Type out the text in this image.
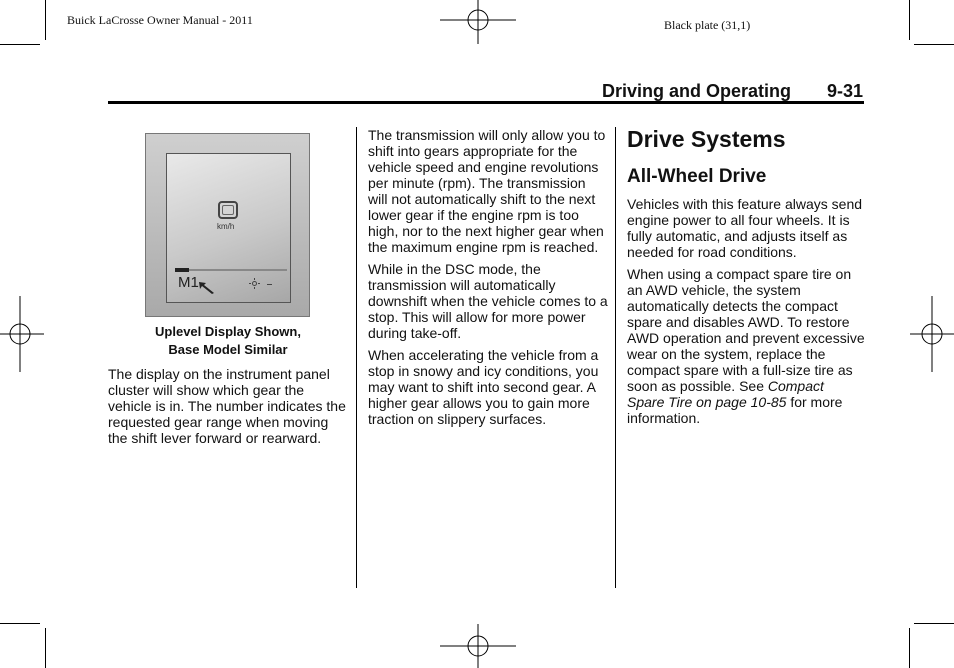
Buick LaCrosse Owner Manual - 2011	Black plate (31,1)
Driving and Operating 9-31
km/h
M1
Uplevel Display Shown,
Base Model Similar

The display on the instrument panel cluster will show which gear the vehicle is in. The number indicates the requested gear range when moving the shift lever forward or rearward.

The transmission will only allow you to shift into gears appropriate for the vehicle speed and engine revolutions per minute (rpm). The transmission will not automatically shift to the next lower gear if the engine rpm is too high, nor to the next higher gear when the maximum engine rpm is reached.

While in the DSC mode, the transmission will automatically downshift when the vehicle comes to a stop. This will allow for more power during take-off.

When accelerating the vehicle from a stop in snowy and icy conditions, you may want to shift into second gear. A higher gear allows you to gain more traction on slippery surfaces.

Drive Systems
All-Wheel Drive

Vehicles with this feature always send engine power to all four wheels. It is fully automatic, and adjusts itself as needed for road conditions.

When using a compact spare tire on an AWD vehicle, the system automatically detects the compact spare and disables AWD. To restore AWD operation and prevent excessive wear on the system, replace the compact spare with a full-size tire as soon as possible. See Compact Spare Tire on page 10-85 for more information.
